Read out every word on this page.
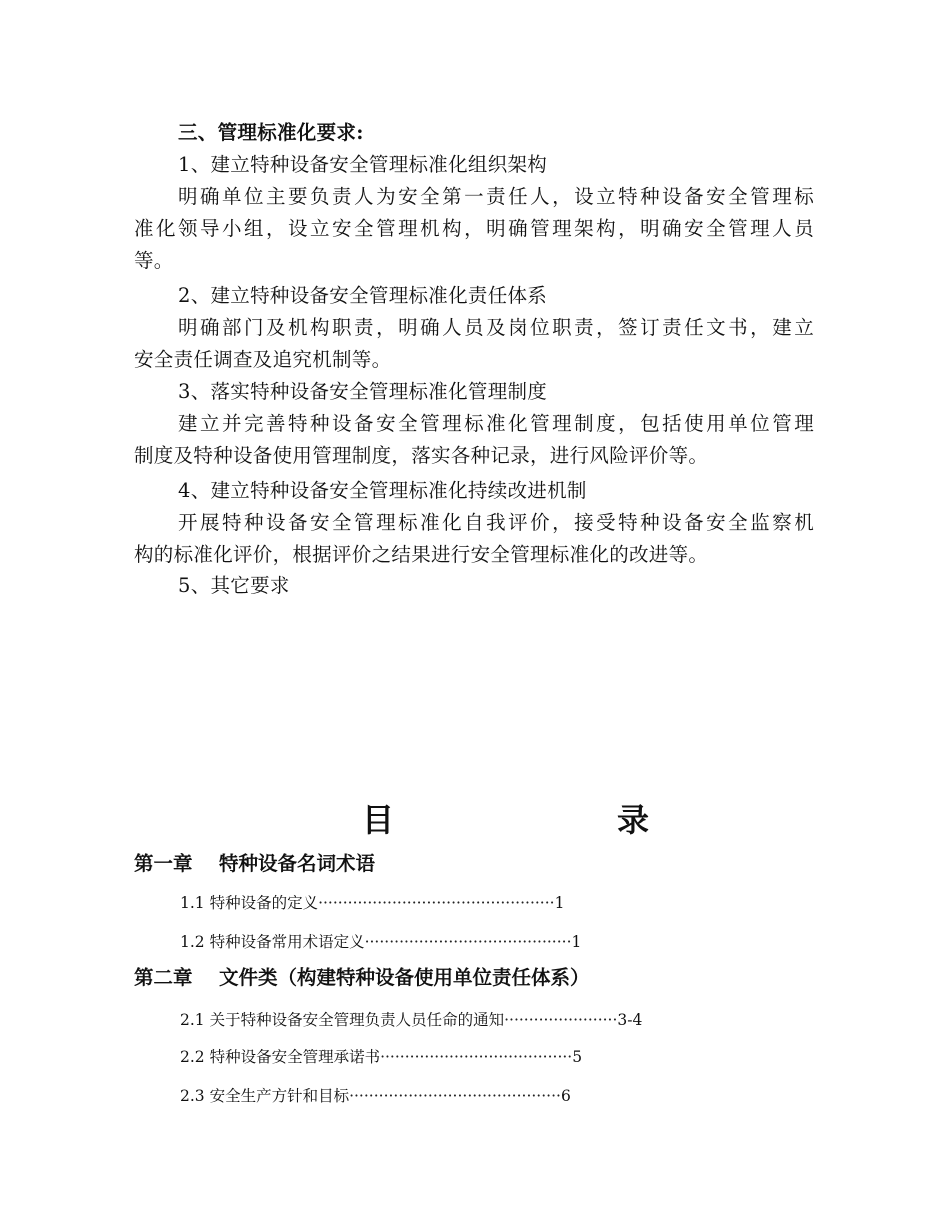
三、管理标准化要求:
1、建立特种设备安全管理标准化组织架构
明确单位主要负责人为安全第一责任人，设立特种设备安全管理标
准化领导小组，设立安全管理机构，明确管理架构，明确安全管理人员
等。
2、建立特种设备安全管理标准化责任体系
明确部门及机构职责，明确人员及岗位职责，签订责任文书，建立
安全责任调查及追究机制等。
3、落实特种设备安全管理标准化管理制度
建立并完善特种设备安全管理标准化管理制度，包括使用单位管理
制度及特种设备使用管理制度，落实各种记录，进行风险评价等。
4、建立特种设备安全管理标准化持续改进机制
开展特种设备安全管理标准化自我评价，接受特种设备安全监察机
构的标准化评价，根据评价之结果进行安全管理标准化的改进等。
5、其它要求
目	录
第一章 特种设备名词术语
1.1 特种设备的定义················································1
1.2 特种设备常用术语定义··········································1
第二章 文件类（构建特种设备使用单位责任体系）
2.1 关于特种设备安全管理负责人员任命的通知·······················3-4
2.2 特种设备安全管理承诺书·······································5
2.3 安全生产方针和目标···········································6
